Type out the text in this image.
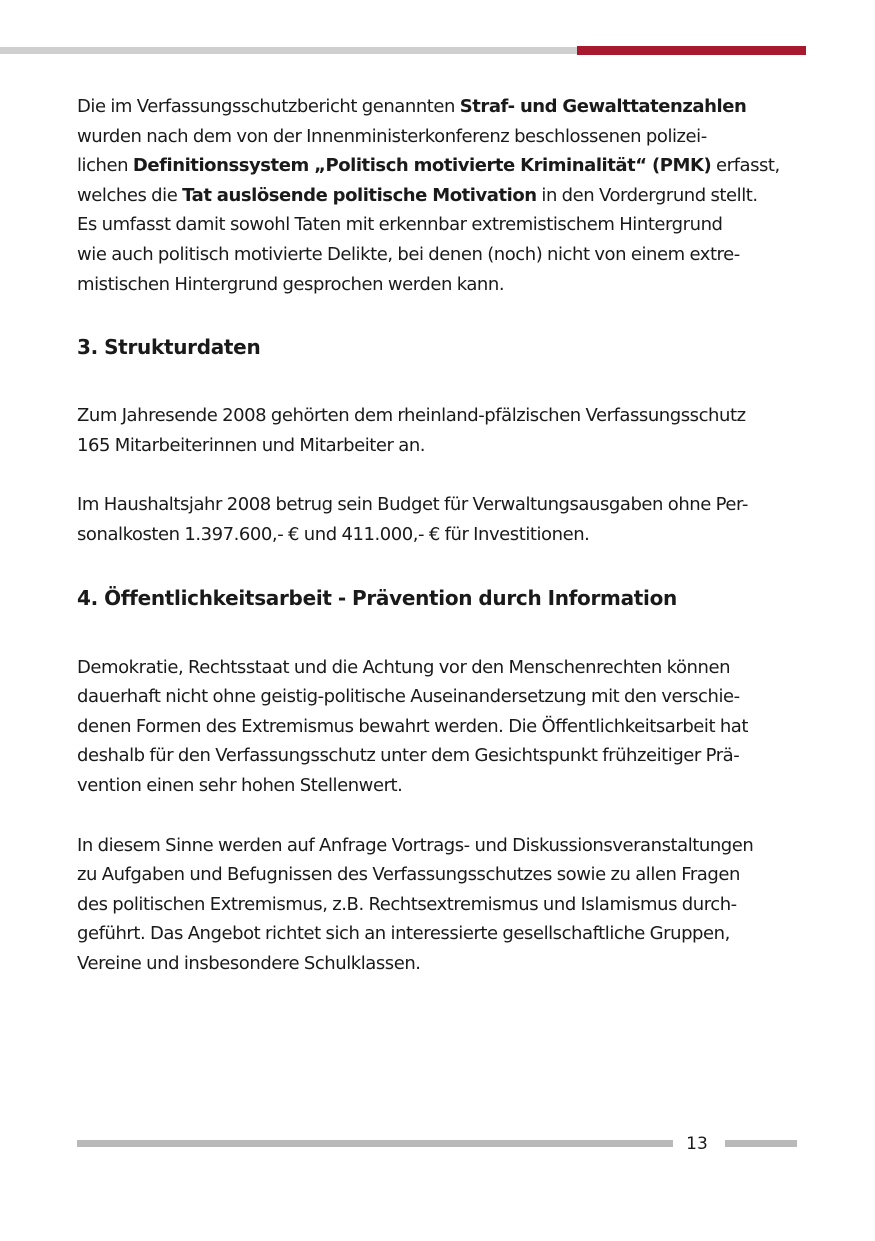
Die im Verfassungsschutzbericht genannten Straf- und Gewalttatenzahlen
wurden nach dem von der Innenministerkonferenz beschlossenen polizei-
lichen Definitionssystem „Politisch motivierte Kriminalität“ (PMK) erfasst,
welches die Tat auslösende politische Motivation in den Vordergrund stellt.
Es umfasst damit sowohl Taten mit erkennbar extremistischem Hintergrund
wie auch politisch motivierte Delikte, bei denen (noch) nicht von einem extre-
mistischen Hintergrund gesprochen werden kann.

3. Strukturdaten

Zum Jahresende 2008 gehörten dem rheinland-pfälzischen Verfassungsschutz
165 Mitarbeiterinnen und Mitarbeiter an.

Im Haushaltsjahr 2008 betrug sein Budget für Verwaltungsausgaben ohne Per-
sonalkosten 1.397.600,- € und 411.000,- € für Investitionen.

4. Öffentlichkeitsarbeit - Prävention durch Information

Demokratie, Rechtsstaat und die Achtung vor den Menschenrechten können
dauerhaft nicht ohne geistig-politische Auseinandersetzung mit den verschie-
denen Formen des Extremismus bewahrt werden. Die Öffentlichkeitsarbeit hat
deshalb für den Verfassungsschutz unter dem Gesichtspunkt frühzeitiger Prä-
vention einen sehr hohen Stellenwert.

In diesem Sinne werden auf Anfrage Vortrags- und Diskussionsveranstaltungen
zu Aufgaben und Befugnissen des Verfassungsschutzes sowie zu allen Fragen
des politischen Extremismus, z.B. Rechtsextremismus und Islamismus durch-
geführt. Das Angebot richtet sich an interessierte gesellschaftliche Gruppen,
Vereine und insbesondere Schulklassen.

13
